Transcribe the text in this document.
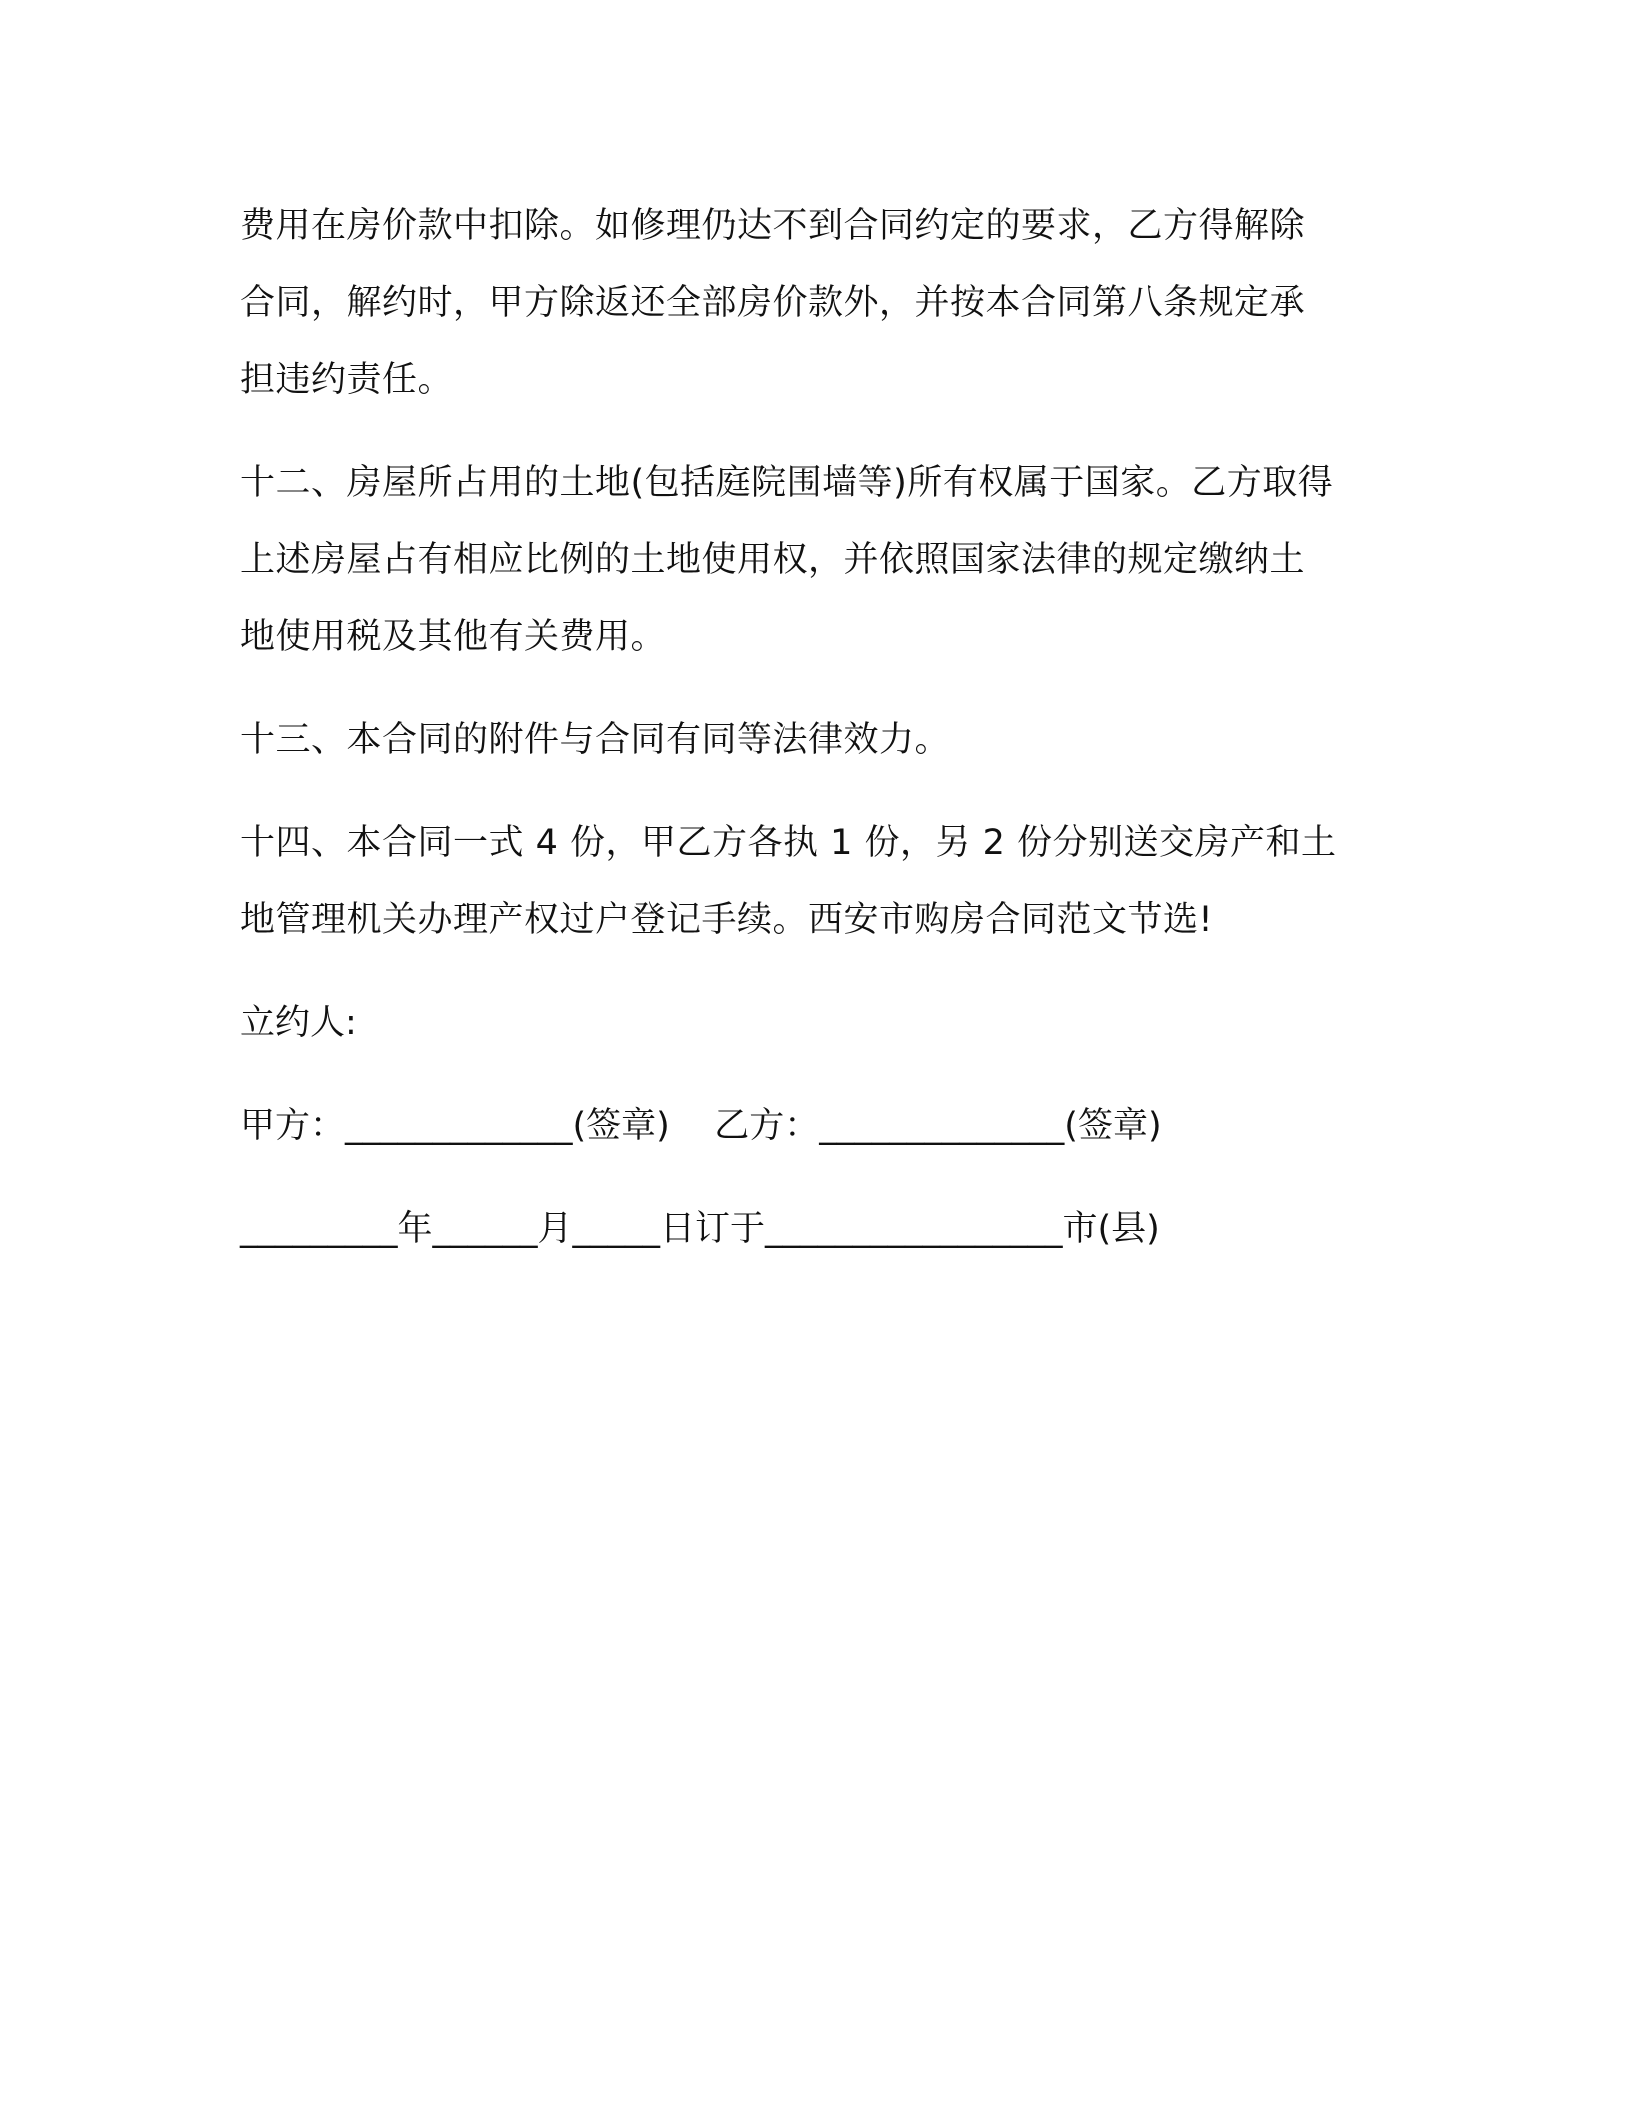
费用在房价款中扣除。如修理仍达不到合同约定的要求，乙方得解除
合同，解约时，甲方除返还全部房价款外，并按本合同第八条规定承
担违约责任。

十二、房屋所占用的土地(包括庭院围墙等)所有权属于国家。乙方取得
上述房屋占有相应比例的土地使用权，并依照国家法律的规定缴纳土
地使用税及其他有关费用。

十三、本合同的附件与合同有同等法律效力。

十四、本合同一式 4 份，甲乙方各执 1 份，另 2 份分别送交房产和土
地管理机关办理产权过户登记手续。西安市购房合同范文节选!

立约人:

甲方：_____________(签章)    乙方：______________(签章)

_________年______月_____日订于_________________市(县)
